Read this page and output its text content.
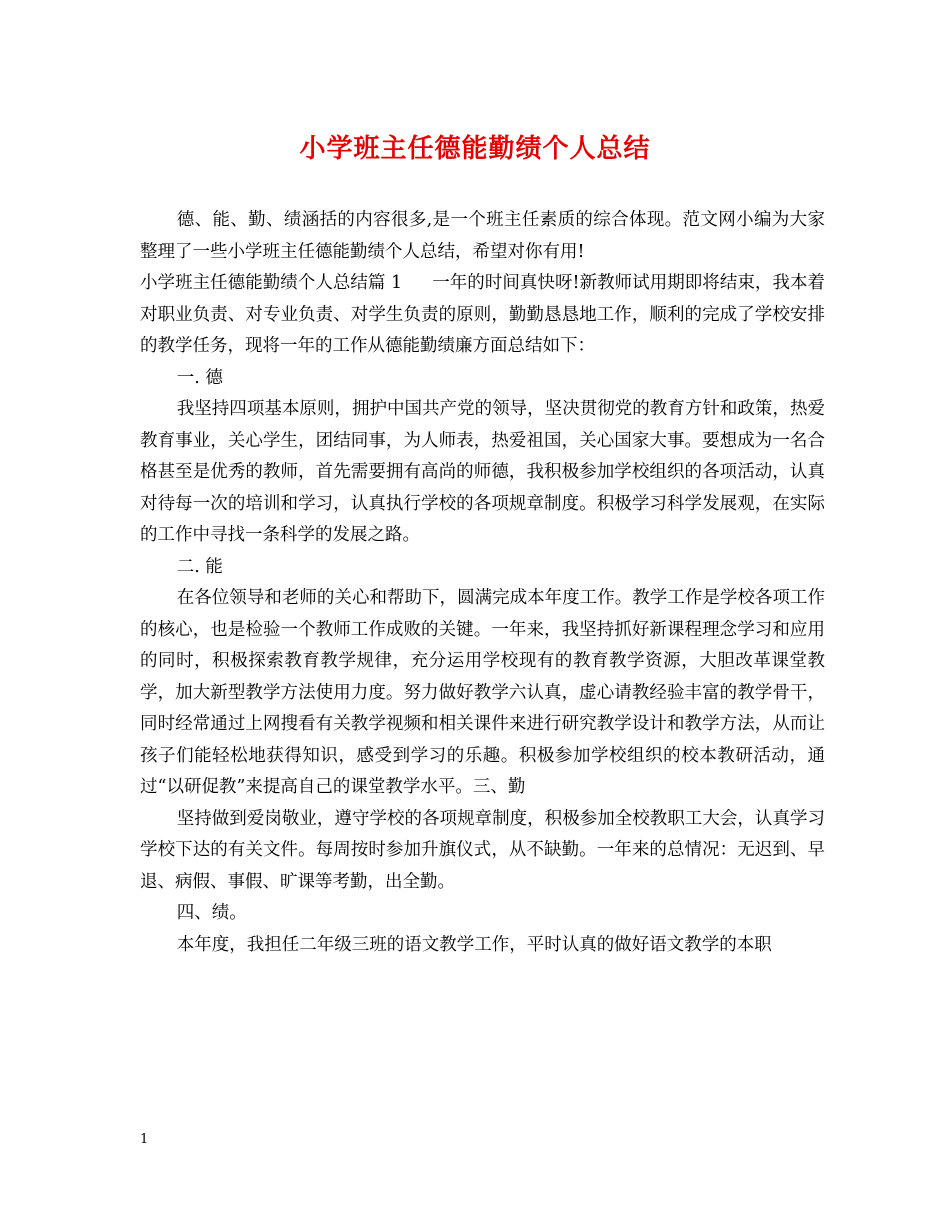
小学班主任德能勤绩个人总结

德、能、勤、绩涵括的内容很多,是一个班主任素质的综合体现。范文网小编为大家整理了一些小学班主任德能勤绩个人总结，希望对你有用!

小学班主任德能勤绩个人总结篇 1 一年的时间真快呀!新教师试用期即将结束，我本着对职业负责、对专业负责、对学生负责的原则，勤勤恳恳地工作，顺利的完成了学校安排的教学任务，现将一年的工作从德能勤绩廉方面总结如下：

一. 德

我坚持四项基本原则，拥护中国共产党的领导，坚决贯彻党的教育方针和政策，热爱教育事业，关心学生，团结同事，为人师表，热爱祖国，关心国家大事。要想成为一名合格甚至是优秀的教师，首先需要拥有高尚的师德，我积极参加学校组织的各项活动，认真对待每一次的培训和学习，认真执行学校的各项规章制度。积极学习科学发展观，在实际的工作中寻找一条科学的发展之路。

二. 能

在各位领导和老师的关心和帮助下，圆满完成本年度工作。教学工作是学校各项工作的核心，也是检验一个教师工作成败的关键。一年来，我坚持抓好新课程理念学习和应用的同时，积极探索教育教学规律，充分运用学校现有的教育教学资源，大胆改革课堂教学，加大新型教学方法使用力度。努力做好教学六认真，虚心请教经验丰富的教学骨干，同时经常通过上网搜看有关教学视频和相关课件来进行研究教学设计和教学方法，从而让孩子们能轻松地获得知识，感受到学习的乐趣。积极参加学校组织的校本教研活动，通过“以研促教”来提高自己的课堂教学水平。三、勤

坚持做到爱岗敬业，遵守学校的各项规章制度，积极参加全校教职工大会，认真学习学校下达的有关文件。每周按时参加升旗仪式，从不缺勤。一年来的总情况：无迟到、早退、病假、事假、旷课等考勤，出全勤。

四、绩。

本年度，我担任二年级三班的语文教学工作，平时认真的做好语文教学的本职

1
